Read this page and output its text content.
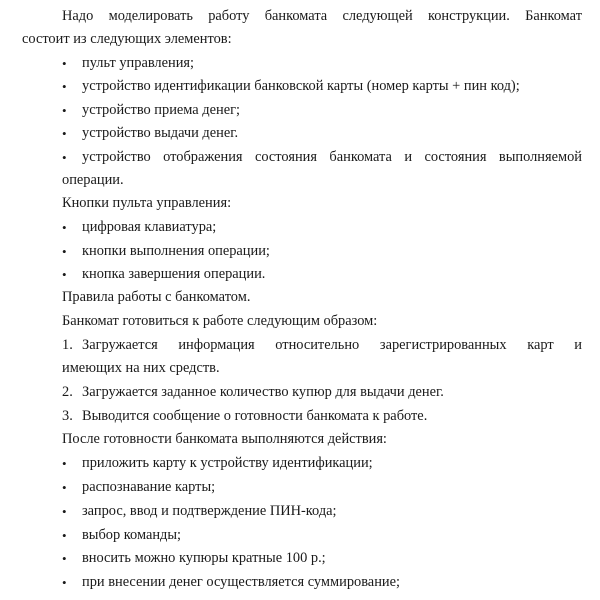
Надо моделировать работу банкомата следующей конструкции. Банкомат
состоит из следующих элементов:
•
пульт управления;
•
устройство идентификации банковской карты (номер карты + пин код);
•
устройство приема денег;
•
устройство выдачи денег.
•
устройство отображения состояния банкомата и состояния выполняемой
операции.
Кнопки пульта управления:
•
цифровая клавиатура;
•
кнопки выполнения операции;
•
кнопка завершения операции.
Правила работы с банкоматом.
Банкомат готовиться к работе следующим образом:
1. Загружается информация относительно зарегистрированных карт и
имеющих на них средств.
2. Загружается заданное количество купюр для выдачи денег.
3. Выводится сообщение о готовности банкомата к работе.
После готовности банкомата выполняются действия:
•
приложить карту к устройству идентификации;
•
распознавание карты;
•
запрос, ввод и подтверждение ПИН-кода;
•
выбор команды;
•
вносить можно купюры кратные 100 р.;
•
при внесении денег осуществляется суммирование;
